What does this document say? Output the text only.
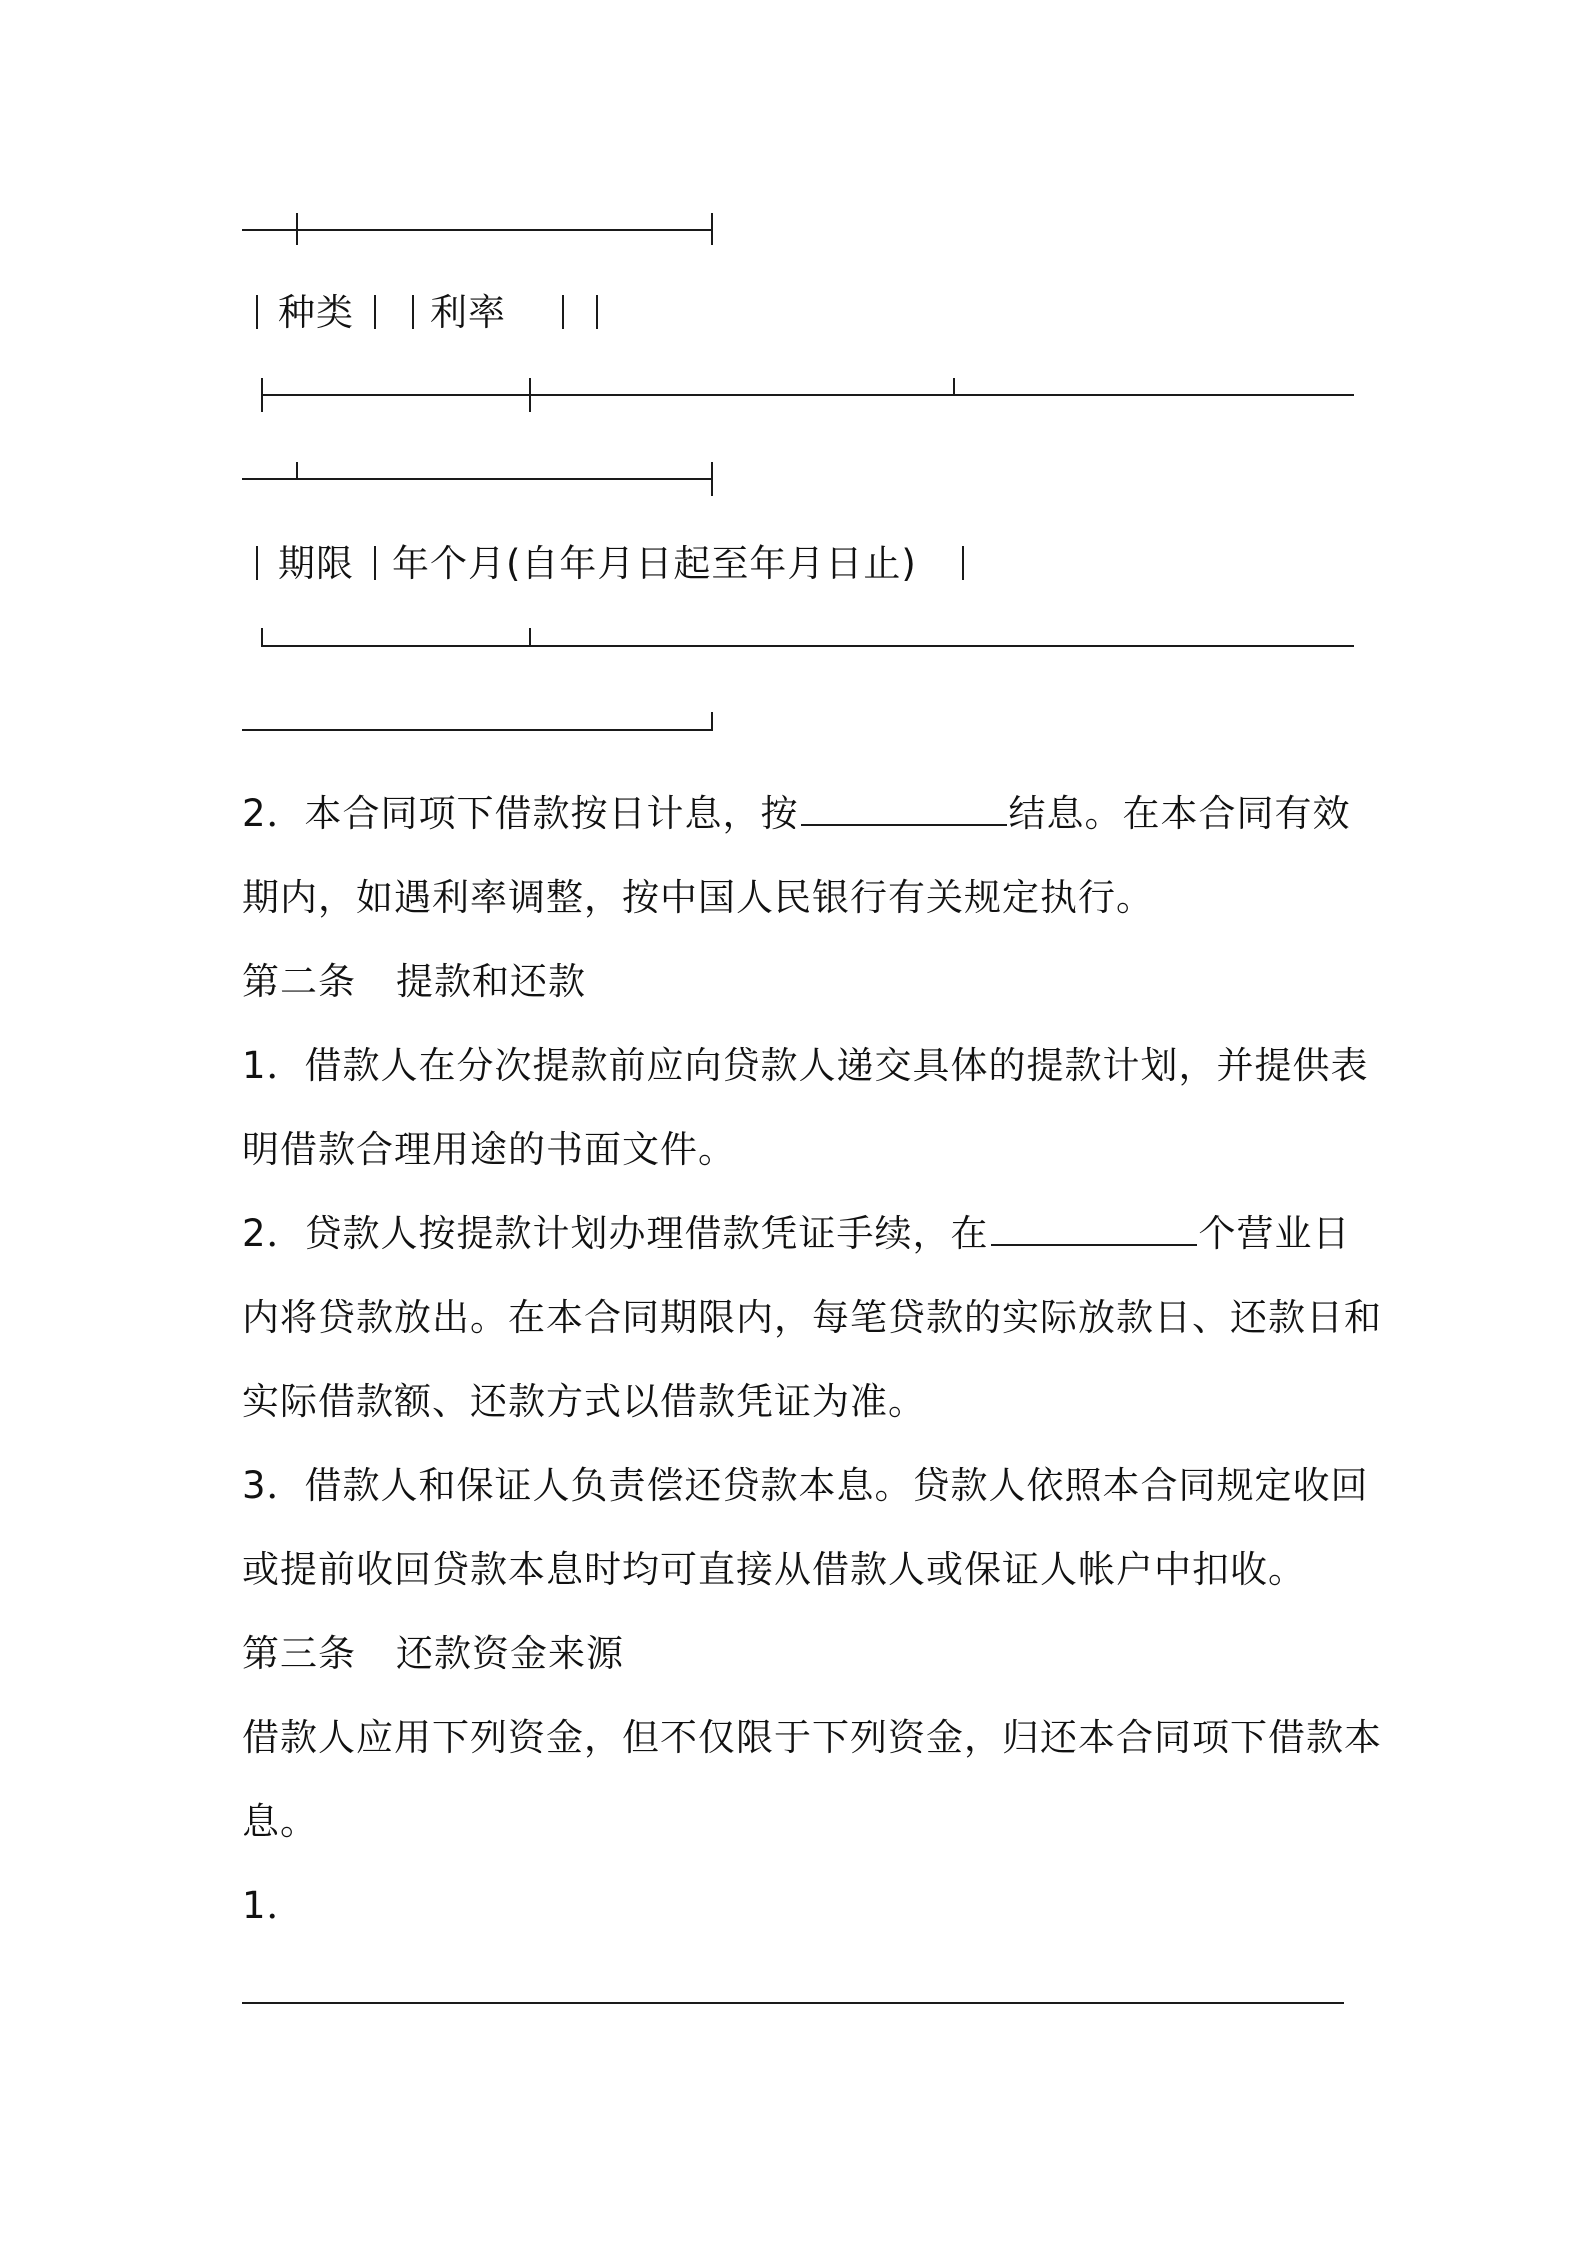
种类 利率
期限 年个月(自年月日起至年月日止)
2．本合同项下借款按日计息，按	结息。在本合同有效
期内，如遇利率调整，按中国人民银行有关规定执行。
第二条 提款和还款
1．借款人在分次提款前应向贷款人递交具体的提款计划，并提供表
明借款合理用途的书面文件。
2．贷款人按提款计划办理借款凭证手续，在	个营业日
内将贷款放出。在本合同期限内，每笔贷款的实际放款日、还款日和
实际借款额、还款方式以借款凭证为准。
3．借款人和保证人负责偿还贷款本息。贷款人依照本合同规定收回
或提前收回贷款本息时均可直接从借款人或保证人帐户中扣收。
第三条 还款资金来源
借款人应用下列资金，但不仅限于下列资金，归还本合同项下借款本
息。
1．
